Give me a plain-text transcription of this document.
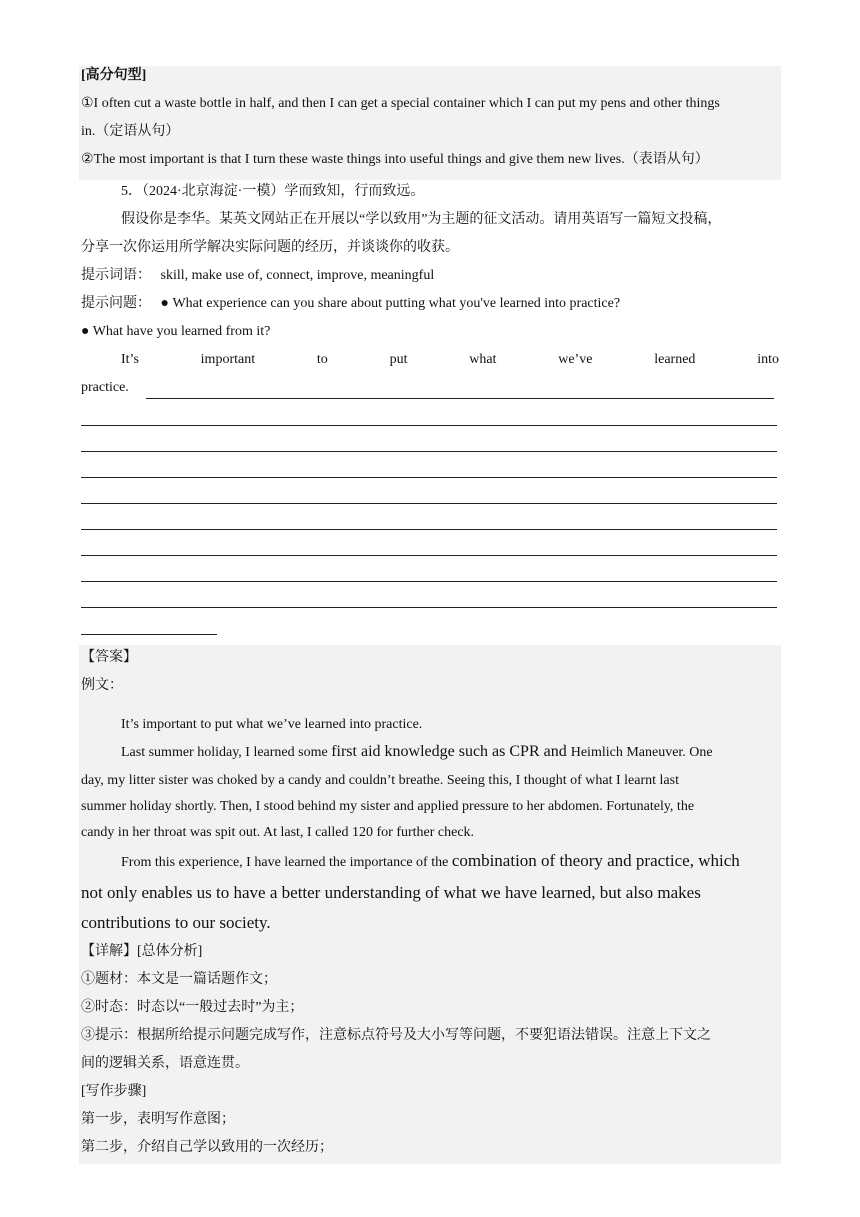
[高分句型]
①I often cut a waste bottle in half, and then I can get a special container which I can put my pens and other things
in.（定语从句）
②The most important is that I turn these waste things into useful things and give them new lives.（表语从句）
5．（2024·北京海淀·一模）学而致知，行而致远。
假设你是李华。某英文网站正在开展以“学以致用”为主题的征文活动。请用英语写一篇短文投稿，
分享一次你运用所学解决实际问题的经历，并谈谈你的收获。
提示词语： skill, make use of, connect, improve, meaningful
提示问题： ● What experience can you share about putting what you've learned into practice?
● What have you learned from it?
It’s	important	to	put	what	we’ve	learned	into
practice.
【答案】
例文：
It’s important to put what we’ve learned into practice.
Last summer holiday, I learned some first aid knowledge such as CPR and Heimlich Maneuver. One
day, my litter sister was choked by a candy and couldn’t breathe. Seeing this, I thought of what I learnt last
summer holiday shortly. Then, I stood behind my sister and applied pressure to her abdomen. Fortunately, the
candy in her throat was spit out. At last, I called 120 for further check.
From this experience, I have learned the importance of the combination of theory and practice, which
not only enables us to have a better understanding of what we have learned, but also makes
contributions to our society.
【详解】[总体分析]
①题材：本文是一篇话题作文；
②时态：时态以“一般过去时”为主；
③提示：根据所给提示问题完成写作，注意标点符号及大小写等问题，不要犯语法错误。注意上下文之
间的逻辑关系，语意连贯。
[写作步骤]
第一步，表明写作意图；
第二步，介绍自己学以致用的一次经历；
